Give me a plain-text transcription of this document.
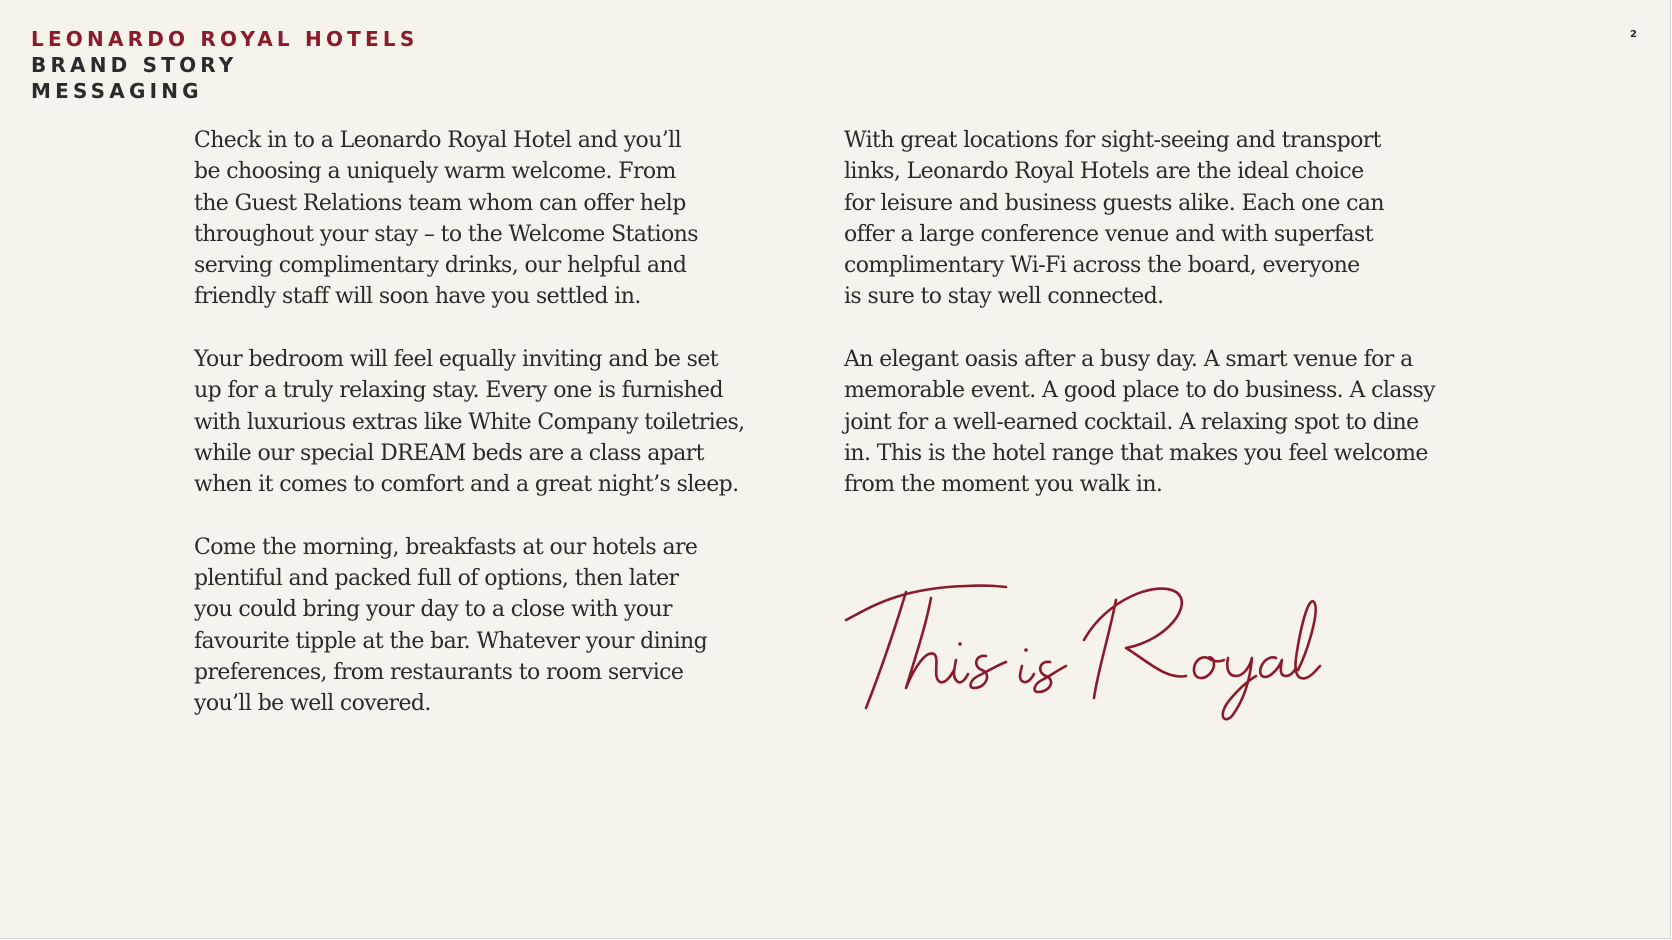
LEONARDO ROYAL HOTELS
BRAND STORY
MESSAGING
2

Check in to a Leonardo Royal Hotel and you’ll
be choosing a uniquely warm welcome. From
the Guest Relations team whom can offer help
throughout your stay – to the Welcome Stations
serving complimentary drinks, our helpful and
friendly staff will soon have you settled in.

Your bedroom will feel equally inviting and be set
up for a truly relaxing stay. Every one is furnished
with luxurious extras like White Company toiletries,
while our special DREAM beds are a class apart
when it comes to comfort and a great night’s sleep.

Come the morning, breakfasts at our hotels are
plentiful and packed full of options, then later
you could bring your day to a close with your
favourite tipple at the bar. Whatever your dining
preferences, from restaurants to room service
you’ll be well covered.

With great locations for sight-seeing and transport
links, Leonardo Royal Hotels are the ideal choice
for leisure and business guests alike. Each one can
offer a large conference venue and with superfast
complimentary Wi-Fi across the board, everyone
is sure to stay well connected.

An elegant oasis after a busy day. A smart venue for a
memorable event. A good place to do business. A classy
joint for a well-earned cocktail. A relaxing spot to dine
in. This is the hotel range that makes you feel welcome
from the moment you walk in.
